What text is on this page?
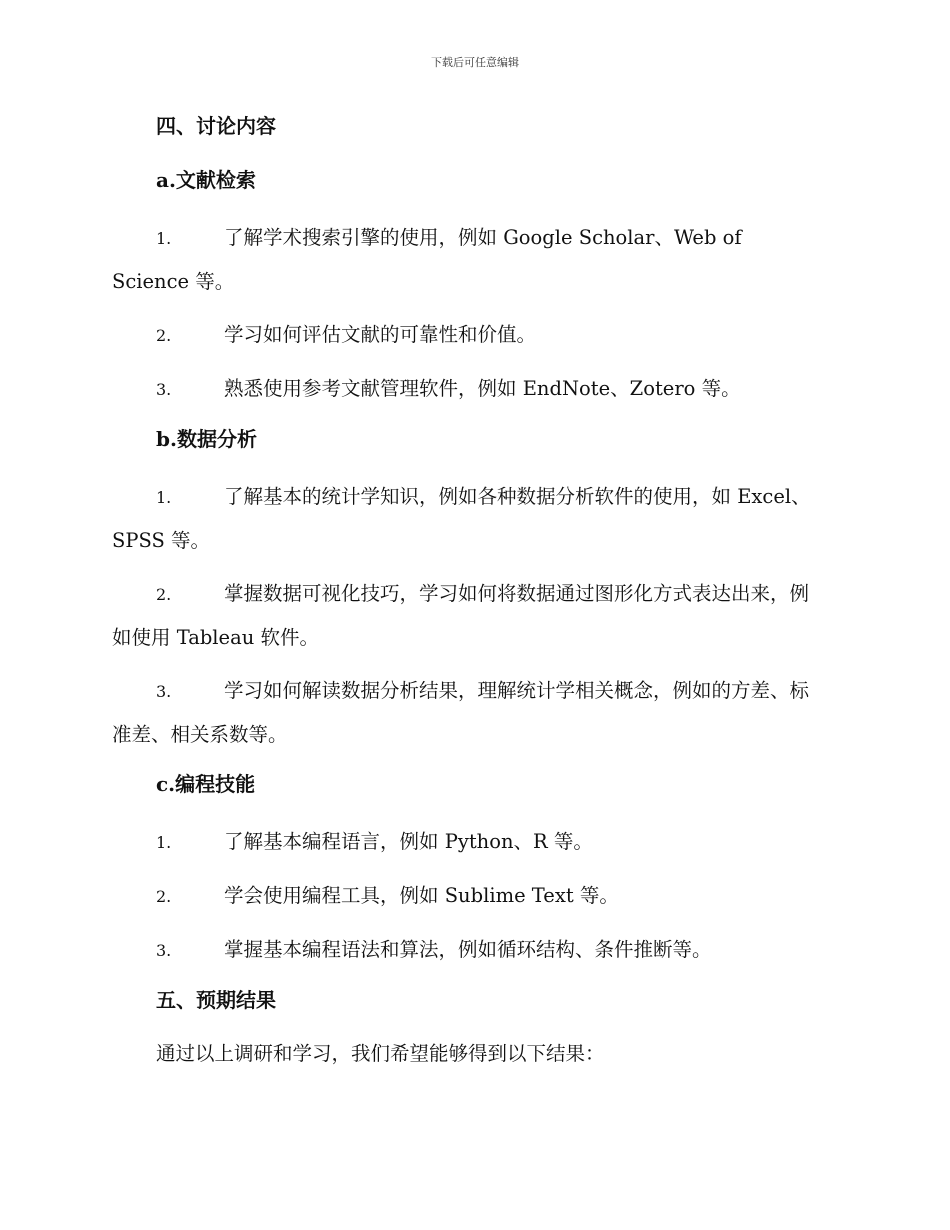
下载后可任意编辑
四、讨论内容
a.文献检索
1.	了解学术搜索引擎的使用，例如 Google Scholar、Web of Science 等。
2.	学习如何评估文献的可靠性和价值。
3.	熟悉使用参考文献管理软件，例如 EndNote、Zotero 等。
b.数据分析
1.	了解基本的统计学知识，例如各种数据分析软件的使用，如 Excel、SPSS 等。
2.	掌握数据可视化技巧，学习如何将数据通过图形化方式表达出来，例如使用 Tableau 软件。
3.	学习如何解读数据分析结果，理解统计学相关概念，例如的方差、标准差、相关系数等。
c.编程技能
1.	了解基本编程语言，例如 Python、R 等。
2.	学会使用编程工具，例如 Sublime Text 等。
3.	掌握基本编程语法和算法，例如循环结构、条件推断等。
五、预期结果
通过以上调研和学习，我们希望能够得到以下结果：
